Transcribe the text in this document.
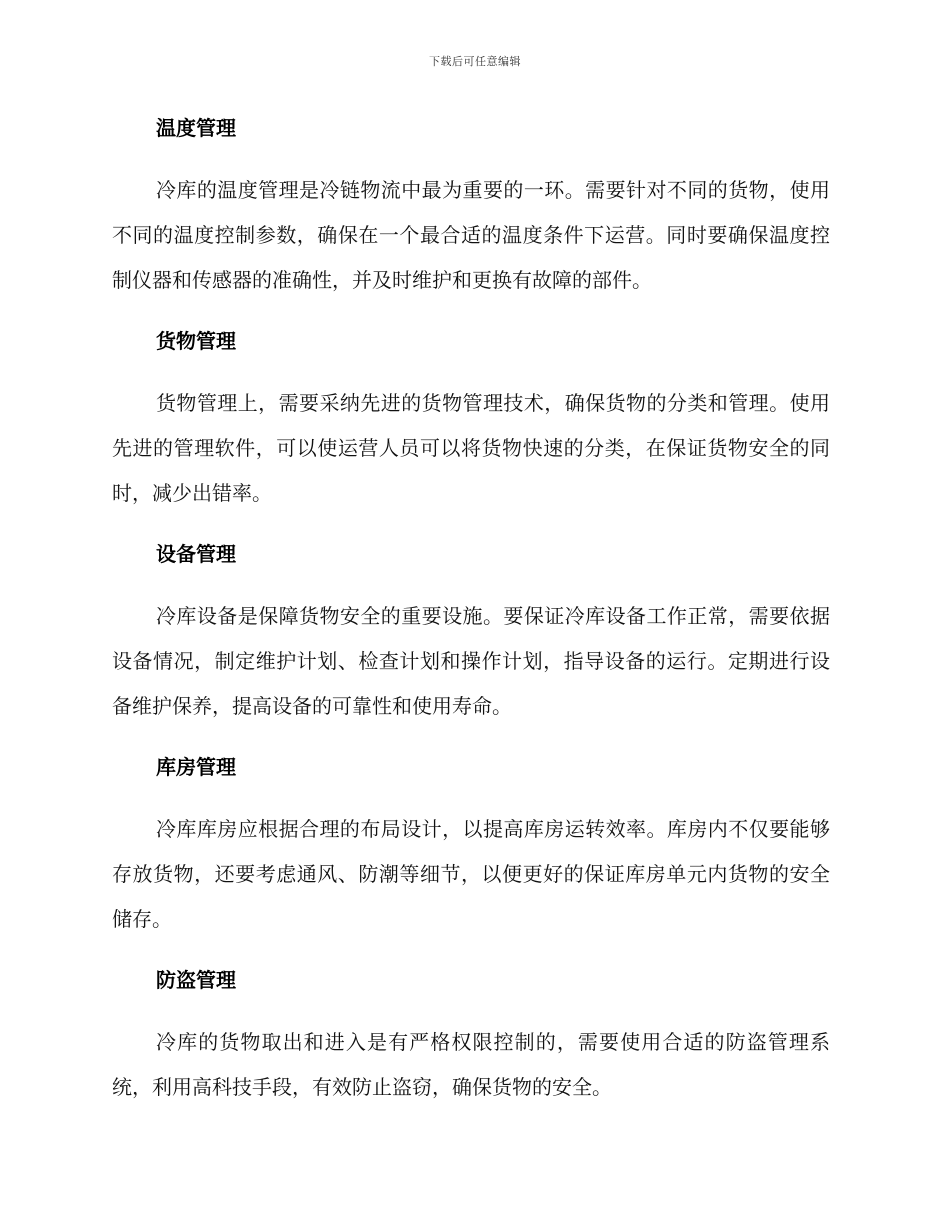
下载后可任意编辑
温度管理

冷库的温度管理是冷链物流中最为重要的一环。需要针对不同的货物，使用不同的温度控制参数，确保在一个最合适的温度条件下运营。同时要确保温度控制仪器和传感器的准确性，并及时维护和更换有故障的部件。

货物管理

货物管理上，需要采纳先进的货物管理技术，确保货物的分类和管理。使用先进的管理软件，可以使运营人员可以将货物快速的分类，在保证货物安全的同时，减少出错率。

设备管理

冷库设备是保障货物安全的重要设施。要保证冷库设备工作正常，需要依据设备情况，制定维护计划、检查计划和操作计划，指导设备的运行。定期进行设备维护保养，提高设备的可靠性和使用寿命。

库房管理

冷库库房应根据合理的布局设计，以提高库房运转效率。库房内不仅要能够存放货物，还要考虑通风、防潮等细节，以便更好的保证库房单元内货物的安全储存。

防盗管理

冷库的货物取出和进入是有严格权限控制的，需要使用合适的防盗管理系统，利用高科技手段，有效防止盗窃，确保货物的安全。
